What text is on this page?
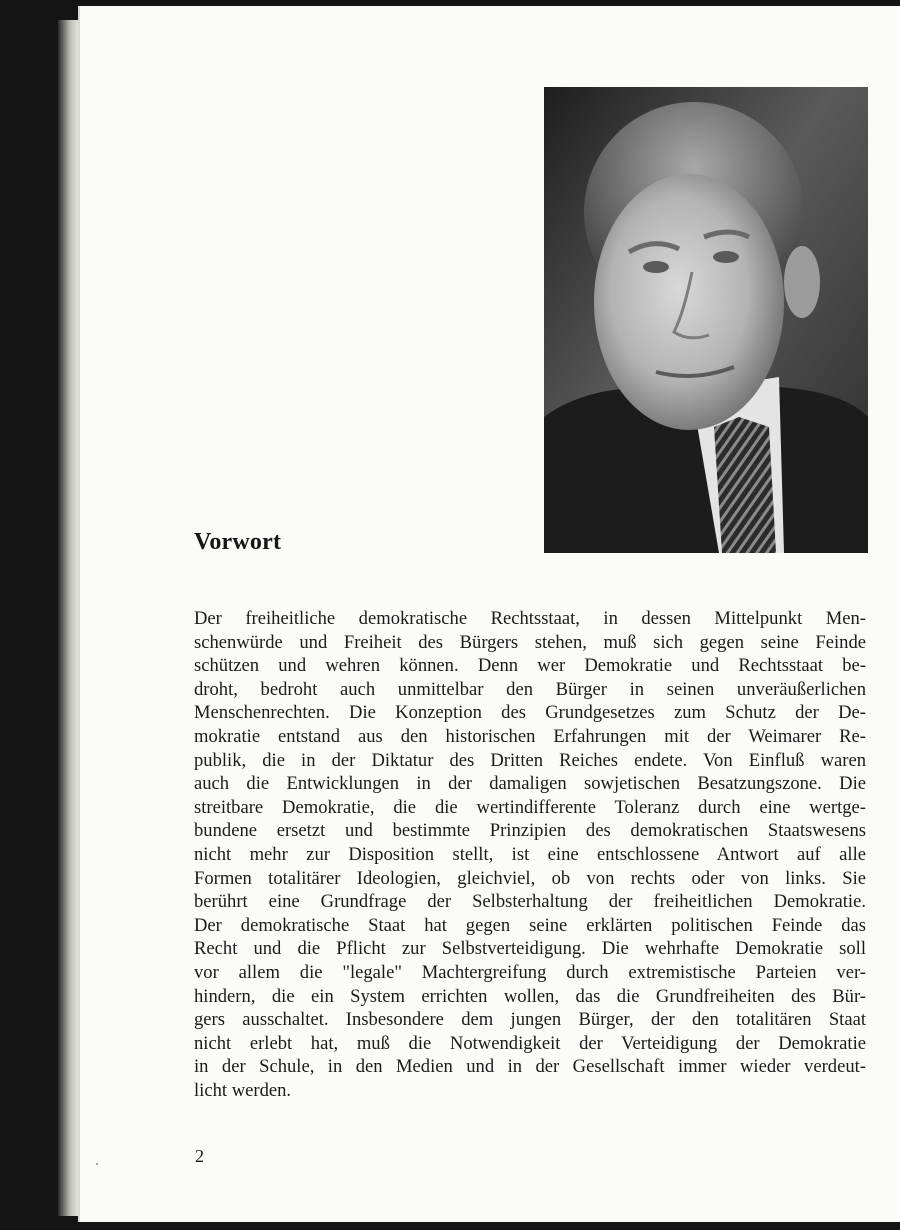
Vorwort
Der freiheitliche demokratische Rechtsstaat, in dessen Mittelpunkt Men-
schenwürde und Freiheit des Bürgers stehen, muß sich gegen seine Feinde
schützen und wehren können. Denn wer Demokratie und Rechtsstaat be-
droht, bedroht auch unmittelbar den Bürger in seinen unveräußerlichen
Menschenrechten. Die Konzeption des Grundgesetzes zum Schutz der De-
mokratie entstand aus den historischen Erfahrungen mit der Weimarer Re-
publik, die in der Diktatur des Dritten Reiches endete. Von Einfluß waren
auch die Entwicklungen in der damaligen sowjetischen Besatzungszone. Die
streitbare Demokratie, die die wertindifferente Toleranz durch eine wertge-
bundene ersetzt und bestimmte Prinzipien des demokratischen Staatswesens
nicht mehr zur Disposition stellt, ist eine entschlossene Antwort auf alle
Formen totalitärer Ideologien, gleichviel, ob von rechts oder von links. Sie
berührt eine Grundfrage der Selbsterhaltung der freiheitlichen Demokratie.
Der demokratische Staat hat gegen seine erklärten politischen Feinde das
Recht und die Pflicht zur Selbstverteidigung. Die wehrhafte Demokratie soll
vor allem die "legale" Machtergreifung durch extremistische Parteien ver-
hindern, die ein System errichten wollen, das die Grundfreiheiten des Bür-
gers ausschaltet. Insbesondere dem jungen Bürger, der den totalitären Staat
nicht erlebt hat, muß die Notwendigkeit der Verteidigung der Demokratie
in der Schule, in den Medien und in der Gesellschaft immer wieder verdeut-
licht werden.
2
